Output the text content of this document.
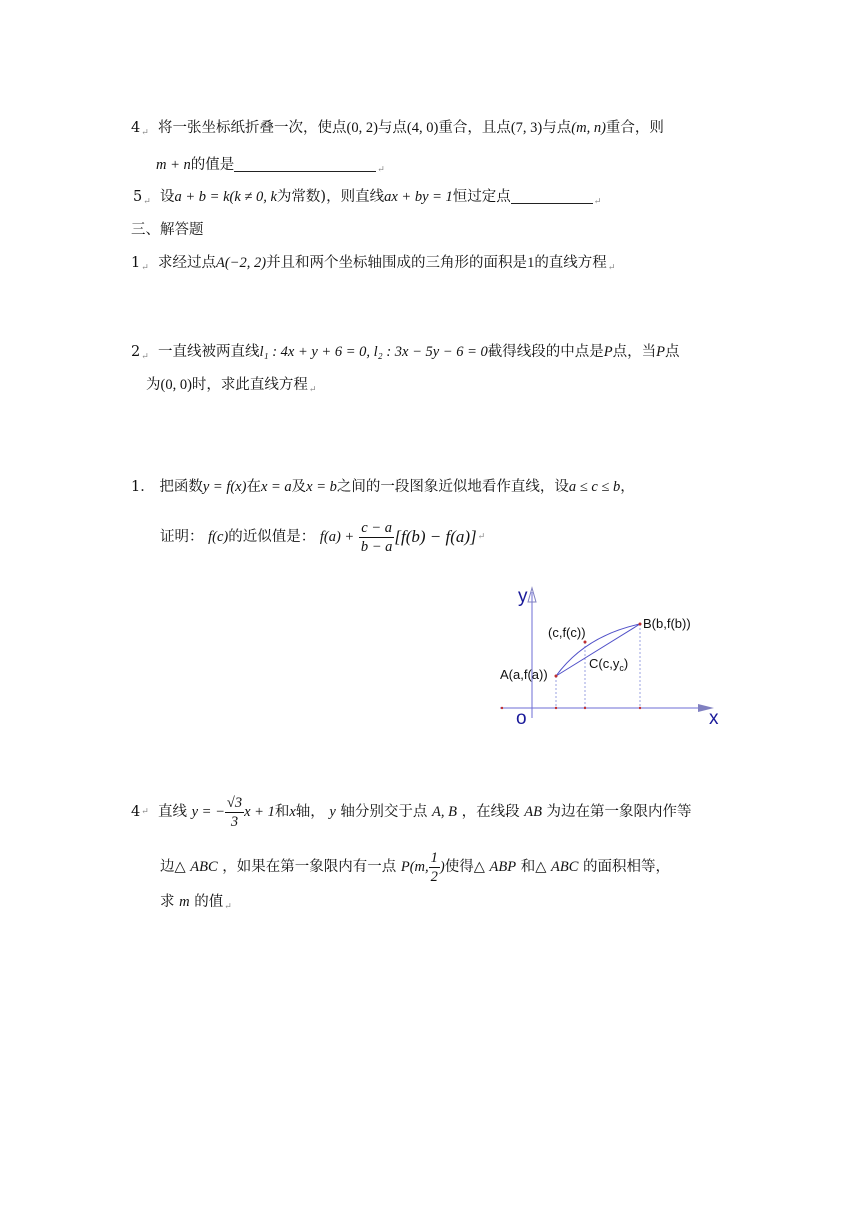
$4_↵$ 将一张坐标纸折叠一次，使点(0, 2)与点(4, 0)重合，且点(7, 3)与点(m, n)重合，则
m + n的值是	$_↵$
$5_↵$ 设a + b = k(k ≠ 0, k为常数)，则直线ax + by = 1恒过定点	$_↵$
三、解答题
$1_↵$ 求经过点A(−2, 2)并且和两个坐标轴围成的三角形的面积是1的直线方程$_↵$
$2_↵$ 一直线被两直线l₁ : 4x + y + 6 = 0, l₂ : 3x − 5y − 6 = 0截得线段的中点是P点，当P点
为(0, 0)时，求此直线方程$_↵$
1． 把函数y = f(x)在x = a及x = b之间的一段图象近似地看作直线，设a ≤ c ≤ b，
证明：
f(c) 的近似值是：
f(a) +
$\frac{c - a}{b - a} [f(b) - f(a)]$ ↵
y
x
o
A(a,f(a))
B(b,f(b))
(c,f(c))
$C(c,y_c)$
4 ↵
直线
y = − $\frac{√3}{3}$ x + 1 和 x 轴，
y
轴分别交于点
A, B
，在线段
AB
为边在第一象限内作等
边△
ABC
，如果在第一象限内有一点
P(m, $\frac{1}{2}$ ) 使得△
ABP
和△
ABC
的面积相等，
求 m 的值$_↵$
